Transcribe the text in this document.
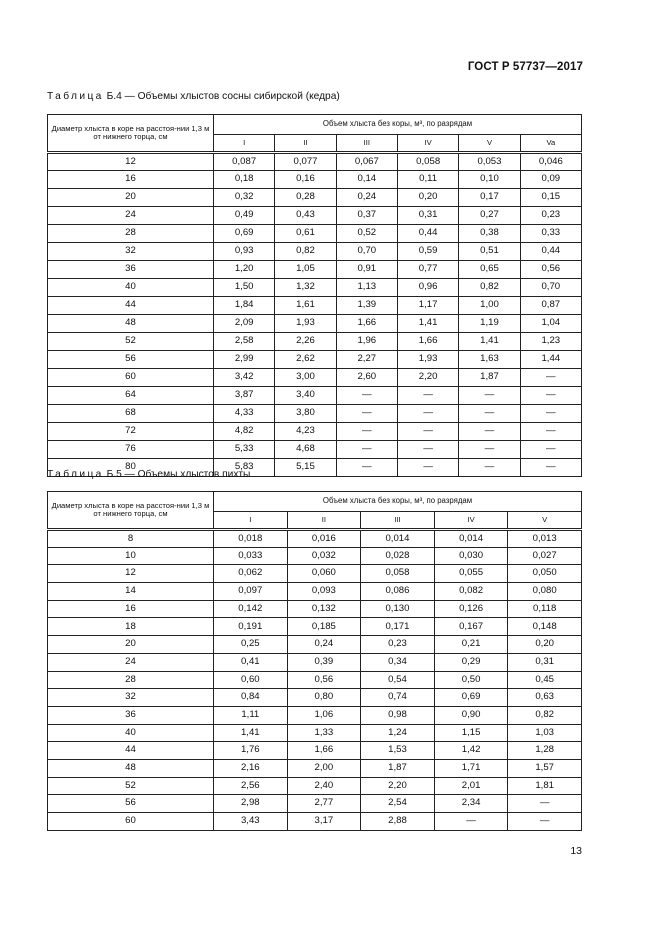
ГОСТ Р 57737—2017
Таблица Б.4 — Объемы хлыстов сосны сибирской (кедра)
Диаметр хлыста в коре на расстоя-нии 1,3 м от нижнего торца, см	Объем хлыста без коры, м³, по разрядам					
	I	II	III	IV	V	Va
12	0,087	0,077	0,067	0,058	0,053	0,046
16	0,18	0,16	0,14	0,11	0,10	0,09
20	0,32	0,28	0,24	0,20	0,17	0,15
24	0,49	0,43	0,37	0,31	0,27	0,23
28	0,69	0,61	0,52	0,44	0,38	0,33
32	0,93	0,82	0,70	0,59	0,51	0,44
36	1,20	1,05	0,91	0,77	0,65	0,56
40	1,50	1,32	1,13	0,96	0,82	0,70
44	1,84	1,61	1,39	1,17	1,00	0,87
48	2,09	1,93	1,66	1,41	1,19	1,04
52	2,58	2,26	1,96	1,66	1,41	1,23
56	2,99	2,62	2,27	1,93	1,63	1,44
60	3,42	3,00	2,60	2,20	1,87	—
64	3,87	3,40	—	—	—	—
68	4,33	3,80	—	—	—	—
72	4,82	4,23	—	—	—	—
76	5,33	4,68	—	—	—	—
80	5,83	5,15	—	—	—	—
Таблица Б.5 — Объемы хлыстов пихты
Диаметр хлыста в коре на расстоя-нии 1,3 м от нижнего торца, см	Объем хлыста без коры, м³, по разрядам				
	I	II	III	IV	V
8	0,018	0,016	0,014	0,014	0,013
10	0,033	0,032	0,028	0,030	0,027
12	0,062	0,060	0,058	0,055	0,050
14	0,097	0,093	0,086	0,082	0,080
16	0,142	0,132	0,130	0,126	0,118
18	0,191	0,185	0,171	0,167	0,148
20	0,25	0,24	0,23	0,21	0,20
24	0,41	0,39	0,34	0,29	0,31
28	0,60	0,56	0,54	0,50	0,45
32	0,84	0,80	0,74	0,69	0,63
36	1,11	1,06	0,98	0,90	0,82
40	1,41	1,33	1,24	1,15	1,03
44	1,76	1,66	1,53	1,42	1,28
48	2,16	2,00	1,87	1,71	1,57
52	2,56	2,40	2,20	2,01	1,81
56	2,98	2,77	2,54	2,34	—
60	3,43	3,17	2,88	—	—
13
